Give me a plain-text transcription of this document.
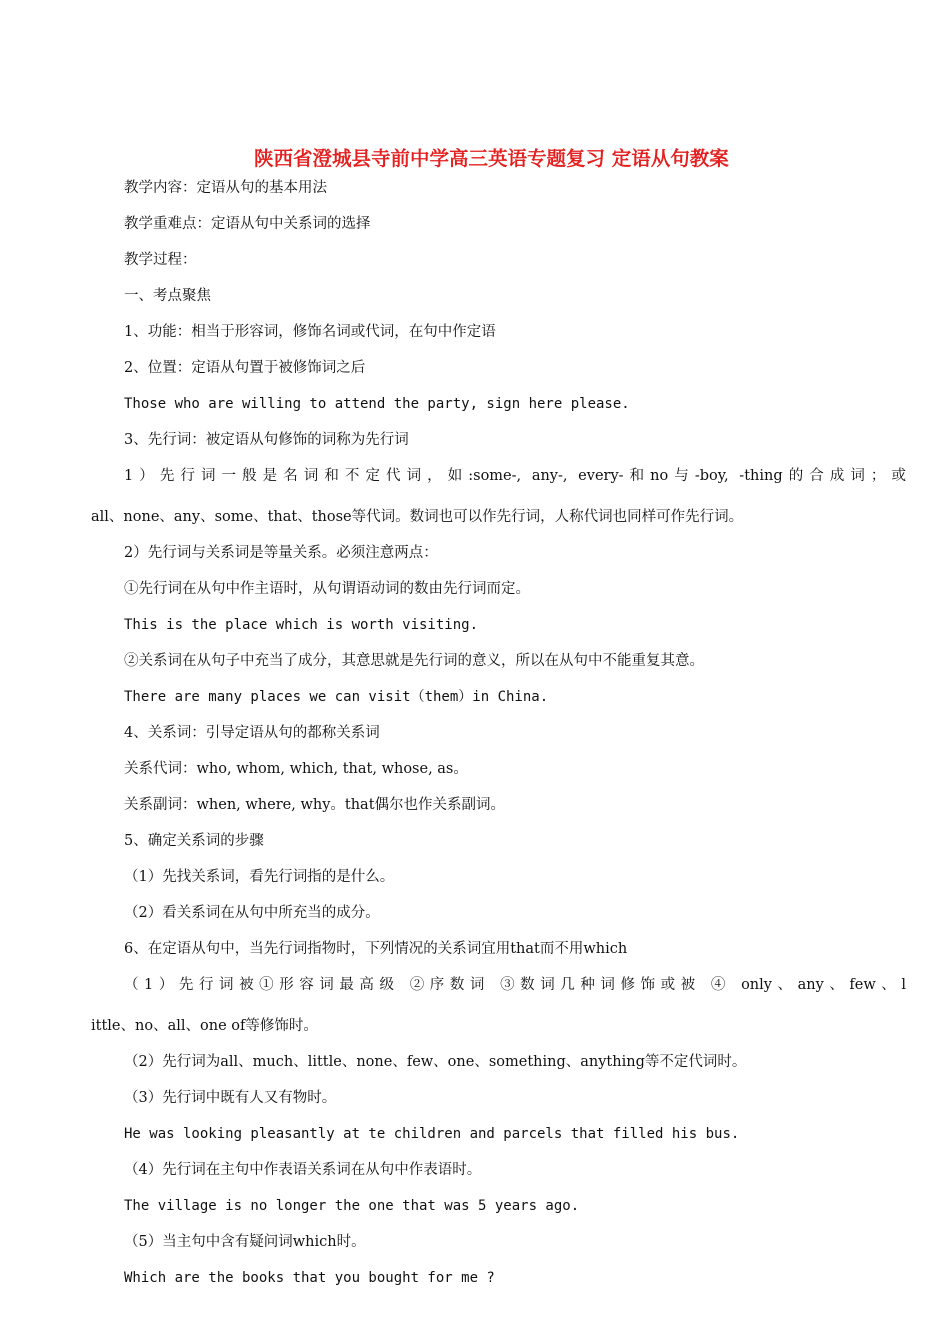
陕西省澄城县寺前中学高三英语专题复习 定语从句教案
教学内容：定语从句的基本用法
教学重难点：定语从句中关系词的选择
教学过程：
一、考点聚焦
1、功能：相当于形容词，修饰名词或代词，在句中作定语
2、位置：定语从句置于被修饰词之后
Those who are willing to attend the party, sign here please.
3、先行词：被定语从句修饰的词称为先行词
1）先行词一般是名词和不定代词，如:some-, any-, every-和no与-boy, -thing的合成词；或
all、none、any、some、that、those等代词。数词也可以作先行词，人称代词也同样可作先行词。
2）先行词与关系词是等量关系。必须注意两点：
①先行词在从句中作主语时，从句谓语动词的数由先行词而定。
This is the place which is worth visiting.
②关系词在从句子中充当了成分，其意思就是先行词的意义，所以在从句中不能重复其意。
There are many places we can visit（them）in China.
4、关系词：引导定语从句的都称关系词
关系代词：who, whom, which, that, whose, as。
关系副词：when, where, why。that偶尔也作关系副词。
5、确定关系词的步骤
（1）先找关系词，看先行词指的是什么。
（2）看关系词在从句中所充当的成分。
6、在定语从句中，当先行词指物时，下列情况的关系词宜用that而不用which
（1）先行词被①形容词最高级 ②序数词 ③数词几种词修饰或被 ④ only、any、few、l
ittle、no、all、one of等修饰时。
（2）先行词为all、much、little、none、few、one、something、anything等不定代词时。
（3）先行词中既有人又有物时。
He was looking pleasantly at te children and parcels that filled his bus.
（4）先行词在主句中作表语关系词在从句中作表语时。
The village is no longer the one that was 5 years ago.
（5）当主句中含有疑问词which时。
Which are the books that you bought for me ?
